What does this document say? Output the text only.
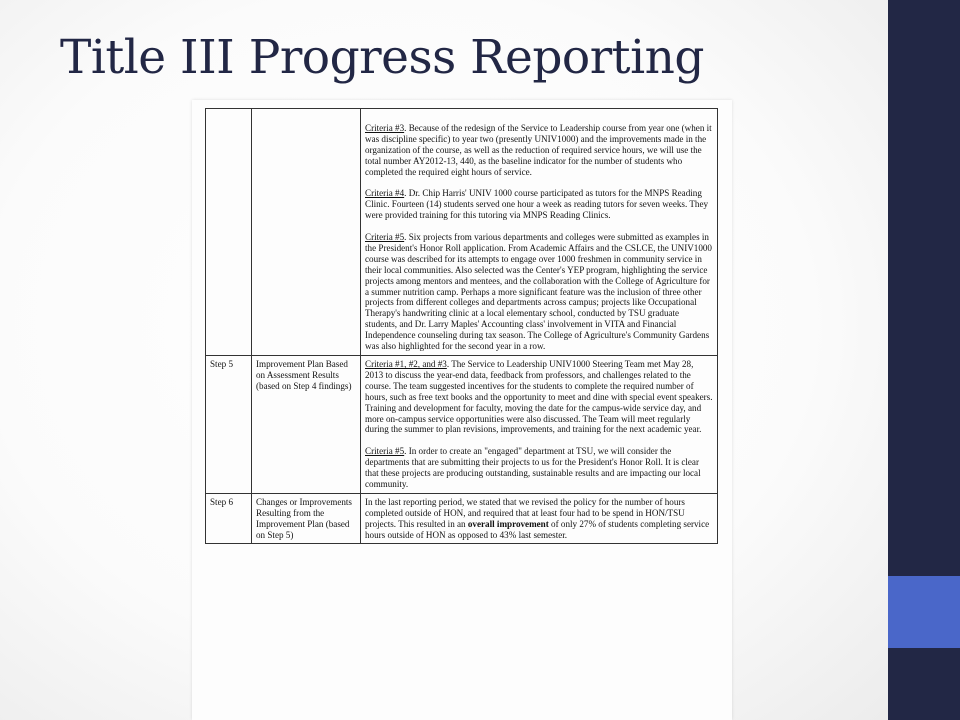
Title III Progress Reporting

		Criteria #3. Because of the redesign of the Service to Leadership course from year one (when it was discipline specific) to year two (presently UNIV1000) and the improvements made in the organization of the course, as well as the reduction of required service hours, we will use the total number AY2012-13, 440, as the baseline indicator for the number of students who completed the required eight hours of service.

Criteria #4. Dr. Chip Harris' UNIV 1000 course participated as tutors for the MNPS Reading Clinic. Fourteen (14) students served one hour a week as reading tutors for seven weeks. They were provided training for this tutoring via MNPS Reading Clinics.

Criteria #5. Six projects from various departments and colleges were submitted as examples in the President's Honor Roll application. From Academic Affairs and the CSLCE, the UNIV1000 course was described for its attempts to engage over 1000 freshmen in community service in their local communities. Also selected was the Center's YEP program, highlighting the service projects among mentors and mentees, and the collaboration with the College of Agriculture for a summer nutrition camp. Perhaps a more significant feature was the inclusion of three other projects from different colleges and departments across campus; projects like Occupational Therapy's handwriting clinic at a local elementary school, conducted by TSU graduate students, and Dr. Larry Maples' Accounting class' involvement in VITA and Financial Independence counseling during tax season. The College of Agriculture's Community Gardens was also highlighted for the second year in a row.

Step 5	Improvement Plan Based on Assessment Results (based on Step 4 findings)	Criteria #1, #2, and #3. The Service to Leadership UNIV1000 Steering Team met May 28, 2013 to discuss the year-end data, feedback from professors, and challenges related to the course. The team suggested incentives for the students to complete the required number of hours, such as free text books and the opportunity to meet and dine with special event speakers. Training and development for faculty, moving the date for the campus-wide service day, and more on-campus service opportunities were also discussed. The Team will meet regularly during the summer to plan revisions, improvements, and training for the next academic year.

Criteria #5. In order to create an "engaged" department at TSU, we will consider the departments that are submitting their projects to us for the President's Honor Roll. It is clear that these projects are producing outstanding, sustainable results and are impacting our local community.

Step 6	Changes or Improvements Resulting from the Improvement Plan (based on Step 5)	In the last reporting period, we stated that we revised the policy for the number of hours completed outside of HON, and required that at least four had to be spend in HON/TSU projects. This resulted in an overall improvement of only 27% of students completing service hours outside of HON as opposed to 43% last semester.
